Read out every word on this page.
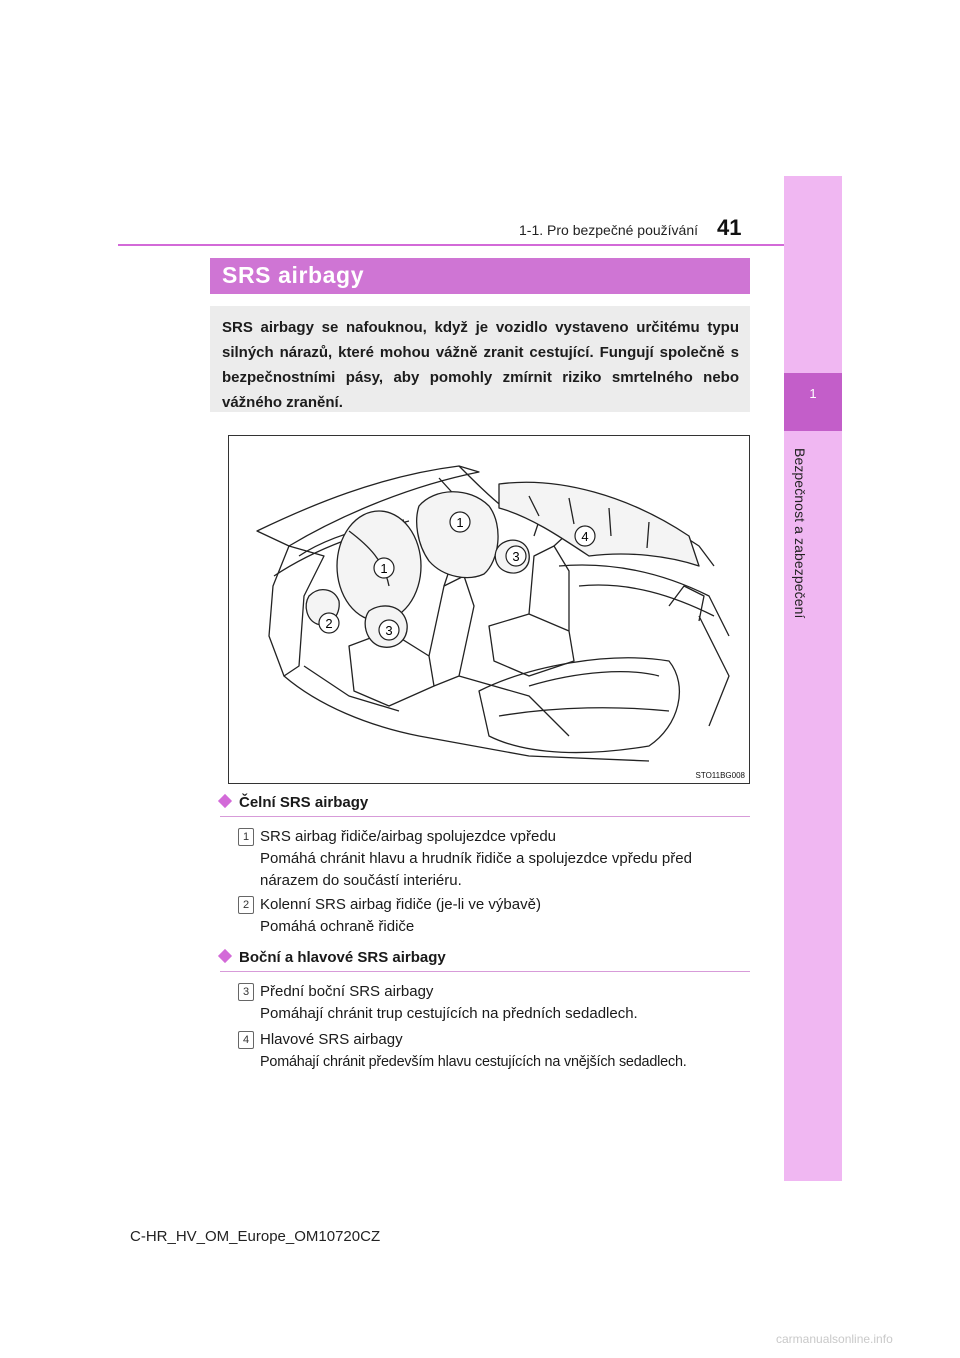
1
Bezpečnost a zabezpečení
1-1. Pro bezpečné používání 41
SRS airbagy
SRS airbagy se nafouknou, když je vozidlo vystaveno určitému typu silných nárazů, které mohou vážně zranit cestující. Fungují společně s bezpečnostními pásy, aby pomohly zmírnit riziko smrtelného nebo vážného zranění.
1
1
2	3
3
4
STO11BG008
Čelní SRS airbagy
1 SRS airbag řidiče/airbag spolujezdce vpředu
Pomáhá chránit hlavu a hrudník řidiče a spolujezdce vpředu před
nárazem do součástí interiéru.
2 Kolenní SRS airbag řidiče (je-li ve výbavě)
Pomáhá ochraně řidiče
Boční a hlavové SRS airbagy
3 Přední boční SRS airbagy
Pomáhají chránit trup cestujících na předních sedadlech.
4 Hlavové SRS airbagy
Pomáhají chránit především hlavu cestujících na vnějších sedadlech.
C-HR_HV_OM_Europe_OM10720CZ
carmanualsonline.info
